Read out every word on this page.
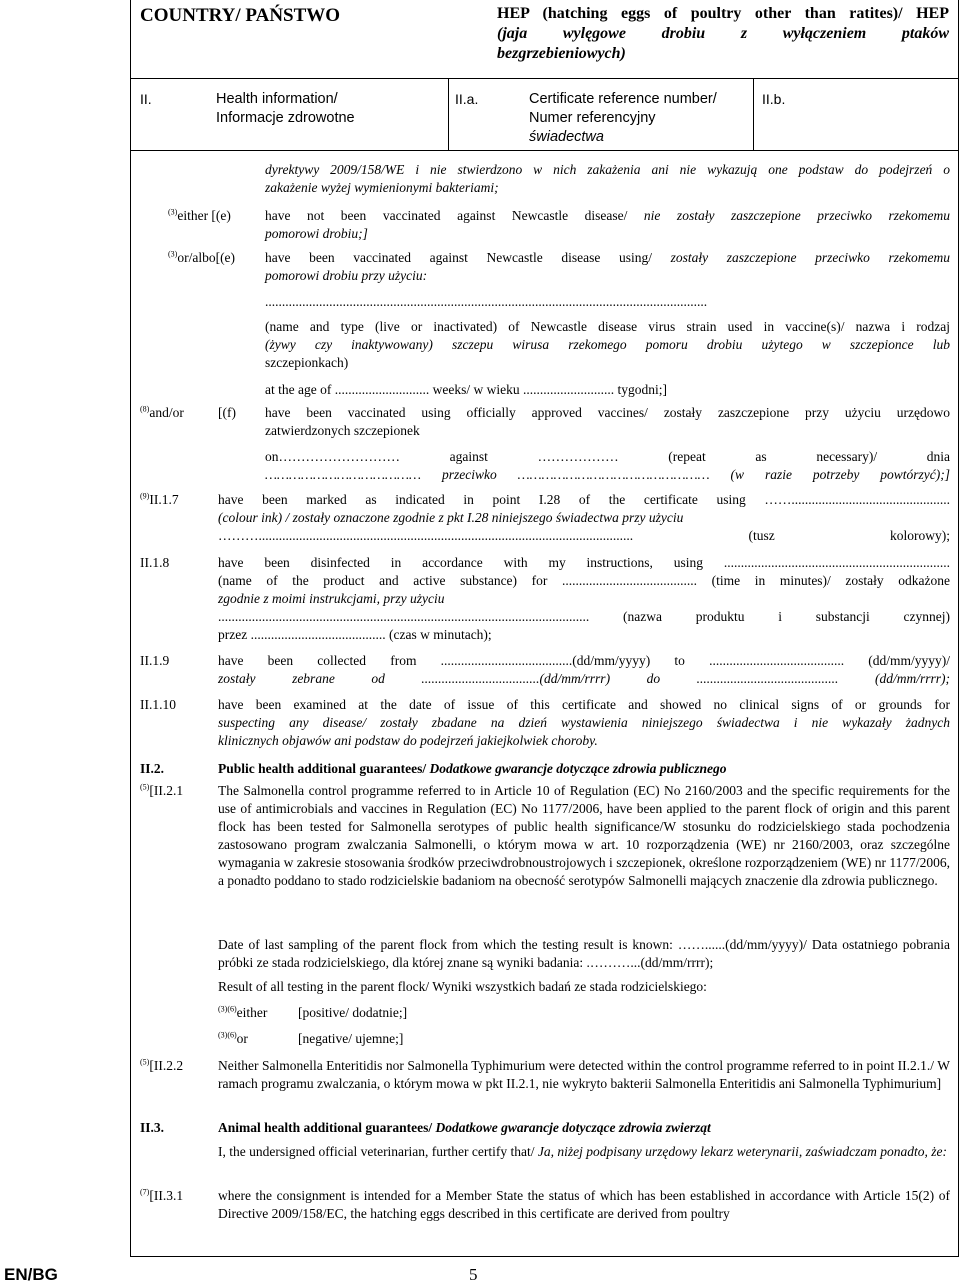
COUNTRY/ PAŃSTWO	HEP (hatching eggs of poultry other than ratites)/ HEP
(jaja wylęgowe drobiu z wyłączeniem ptaków
bezgrzebieniowych)
II.	Health information/
Informacje zdrowotne
II.a.	Certificate reference number/
Numer referencyjny
świadectwa
II.b.
dyrektywy 2009/158/WE i nie stwierdzono w nich zakażenia ani nie wykazują one podstaw do podejrzeń o
zakażenie wyżej wymienionymi bakteriami;
$^{(3)}$either [(e)	have not been vaccinated against Newcastle disease/ nie zostały zaszczepione przeciwko rzekomemu
pomorowi drobiu;]
$^{(3)}$or/albo[(e) have been vaccinated against Newcastle disease using/ zostały zaszczepione przeciwko rzekomemu
pomorowi drobiu przy użyciu:
...................................................................................................................................
(name and type (live or inactivated) of Newcastle disease virus strain used in vaccine(s)/ nazwa i rodzaj
(żywy czy inaktywowany) szczepu wirusa rzekomego pomoru drobiu użytego w szczepionce lub
szczepionkach)
at the age of ............................ weeks/ w wieku ........................... tygodni;]
$^{(8)}$and/or	[(f) have been vaccinated using officially approved vaccines/ zostały zaszczepione przy użyciu urzędowo
zatwierdzonych szczepionek
on……………………… against ……………… (repeat as necessary)/ dnia
………………………………… przeciwko ………………………………………… (w razie potrzeby powtórzyć);]
$^{(9)}$II.1.7	have been marked as indicated in point I.28 of the certificate using ……...............................................
(colour ink) / zostały oznaczone zgodnie z pkt I.28 niniejszego świadectwa przy użyciu
………............................................................................................................... (tusz kolorowy);
II.1.8	have been disinfected in accordance with my instructions, using ...................................................................
(name of the product and active substance) for ........................................ (time in minutes)/ zostały odkażone
zgodnie z moimi instrukcjami, przy użyciu
.............................................................................................................. (nazwa produktu i substancji czynnej)
przez ........................................ (czas w minutach);
II.1.9	have been collected from .......................................(dd/mm/yyyy) to ........................................ (dd/mm/yyyy)/
zostały zebrane od ...................................(dd/mm/rrrr) do .......................................... (dd/mm/rrrr);
II.1.10	have been examined at the date of issue of this certificate and showed no clinical signs of or grounds for
suspecting any disease/ zostały zbadane na dzień wystawienia niniejszego świadectwa i nie wykazały żadnych
klinicznych objawów ani podstaw do podejrzeń jakiejkolwiek choroby.
II.2.	Public health additional guarantees/ Dodatkowe gwarancje dotyczące zdrowia publicznego
$^{(5)}$[II.2.1	The Salmonella control programme referred to in Article 10 of Regulation (EC) No 2160/2003 and the specific requirements for the use of antimicrobials and vaccines in Regulation (EC) No 1177/2006, have been applied to the parent flock of origin and this parent flock has been tested for Salmonella serotypes of public health significance/W stosunku do rodzicielskiego stada pochodzenia zastosowano program zwalczania Salmonelli, o którym mowa w art. 10 rozporządzenia (WE) nr 2160/2003, oraz szczególne wymagania w zakresie stosowania środków przeciwdrobnoustrojowych i szczepionek, określone rozporządzeniem (WE) nr 1177/2006, a ponadto poddano to stado rodzicielskie badaniom na obecność serotypów Salmonelli mających znaczenie dla zdrowia publicznego.
Date of last sampling of the parent flock from which the testing result is known: ……......(dd/mm/yyyy)/ Data ostatniego pobrania próbki ze stada rodzicielskiego, dla której znane są wyniki badania: .………...(dd/mm/rrrr);
Result of all testing in the parent flock/ Wyniki wszystkich badań ze stada rodzicielskiego:
$^{(3)(6)}$either [positive/ dodatnie;]
$^{(3)(6)}$or	[negative/ ujemne;]
$^{(5)}$[II.2.2	Neither Salmonella Enteritidis nor Salmonella Typhimurium were detected within the control programme referred to in point II.2.1./ W ramach programu zwalczania, o którym mowa w pkt II.2.1, nie wykryto bakterii Salmonella Enteritidis ani Salmonella Typhimurium]
II.3.	Animal health additional guarantees/ Dodatkowe gwarancje dotyczące zdrowia zwierząt
I, the undersigned official veterinarian, further certify that/ Ja, niżej podpisany urzędowy lekarz weterynarii, zaświadczam ponadto, że:
$^{(7)}$[II.3.1	where the consignment is intended for a Member State the status of which has been established in accordance with Article 15(2) of Directive 2009/158/EC, the hatching eggs described in this certificate are derived from poultry
EN/BG	5
